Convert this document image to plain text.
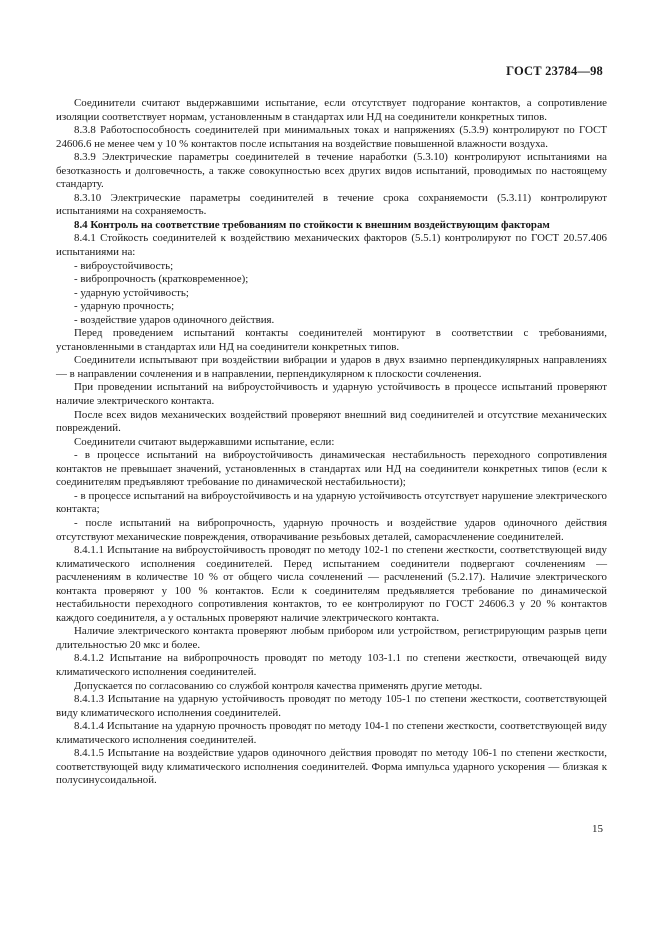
ГОСТ 23784—98

Соединители считают выдержавшими испытание, если отсутствует подгорание контактов, а сопротивление изоляции соответствует нормам, установленным в стандартах или НД на соединители конкретных типов.

8.3.8 Работоспособность соединителей при минимальных токах и напряжениях (5.3.9) контролируют по ГОСТ 24606.6 не менее чем у 10 % контактов после испытания на воздействие повышенной влажности воздуха.

8.3.9 Электрические параметры соединителей в течение наработки (5.3.10) контролируют испытаниями на безотказность и долговечность, а также совокупностью всех других видов испытаний, проводимых по настоящему стандарту.

8.3.10 Электрические параметры соединителей в течение срока сохраняемости (5.3.11) контролируют испытаниями на сохраняемость.

8.4 Контроль на соответствие требованиям по стойкости к внешним воздействующим факторам

8.4.1 Стойкость соединителей к воздействию механических факторов (5.5.1) контролируют по ГОСТ 20.57.406 испытаниями на:

- виброустойчивость;

- вибропрочность (кратковременное);

- ударную устойчивость;

- ударную прочность;

- воздействие ударов одиночного действия.

Перед проведением испытаний контакты соединителей монтируют в соответствии с требованиями, установленными в стандартах или НД на соединители конкретных типов.

Соединители испытывают при воздействии вибрации и ударов в двух взаимно перпендикулярных направлениях — в направлении сочленения и в направлении, перпендикулярном к плоскости сочленения.

При проведении испытаний на виброустойчивость и ударную устойчивость в процессе испытаний проверяют наличие электрического контакта.

После всех видов механических воздействий проверяют внешний вид соединителей и отсутствие механических повреждений.

Соединители считают выдержавшими испытание, если:

- в процессе испытаний на виброустойчивость динамическая нестабильность переходного сопротивления контактов не превышает значений, установленных в стандартах или НД на соединители конкретных типов (если к соединителям предъявляют требование по динамической нестабильности);

- в процессе испытаний на виброустойчивость и на ударную устойчивость отсутствует нарушение электрического контакта;

- после испытаний на вибропрочность, ударную прочность и воздействие ударов одиночного действия отсутствуют механические повреждения, отворачивание резьбовых деталей, саморасчленение соединителей.

8.4.1.1 Испытание на виброустойчивость проводят по методу 102-1 по степени жесткости, соответствующей виду климатического исполнения соединителей. Перед испытанием соединители подвергают сочленениям — расчленениям в количестве 10 % от общего числа сочленений — расчленений (5.2.17). Наличие электрического контакта проверяют у 100 % контактов. Если к соединителям предъявляется требование по динамической нестабильности переходного сопротивления контактов, то ее контролируют по ГОСТ 24606.3 у 20 % контактов каждого соединителя, а у остальных проверяют наличие электрического контакта.

Наличие электрического контакта проверяют любым прибором или устройством, регистрирующим разрыв цепи длительностью 20 мкс и более.

8.4.1.2 Испытание на вибропрочность проводят по методу 103-1.1 по степени жесткости, отвечающей виду климатического исполнения соединителей.

Допускается по согласованию со службой контроля качества применять другие методы.

8.4.1.3 Испытание на ударную устойчивость проводят по методу 105-1 по степени жесткости, соответствующей виду климатического исполнения соединителей.

8.4.1.4 Испытание на ударную прочность проводят по методу 104-1 по степени жесткости, соответствующей виду климатического исполнения соединителей.

8.4.1.5 Испытание на воздействие ударов одиночного действия проводят по методу 106-1 по степени жесткости, соответствующей виду климатического исполнения соединителей. Форма импульса ударного ускорения — близкая к полусинусоидальной.

15
